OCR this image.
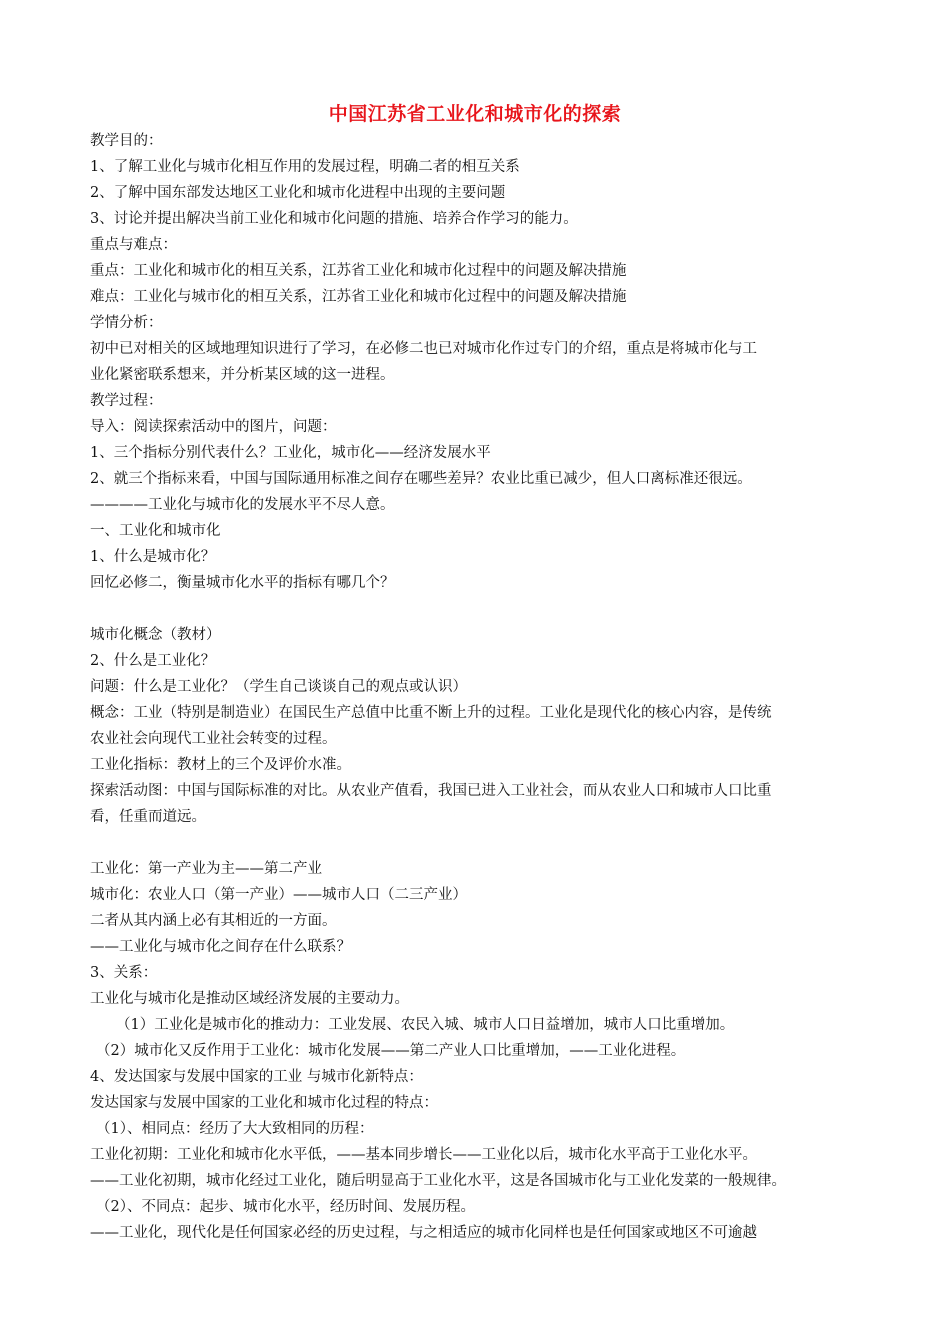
中国江苏省工业化和城市化的探索
教学目的：
1、了解工业化与城市化相互作用的发展过程，明确二者的相互关系
2、了解中国东部发达地区工业化和城市化进程中出现的主要问题
3、讨论并提出解决当前工业化和城市化问题的措施、培养合作学习的能力。
重点与难点：
重点：工业化和城市化的相互关系，江苏省工业化和城市化过程中的问题及解决措施
难点：工业化与城市化的相互关系，江苏省工业化和城市化过程中的问题及解决措施
学情分析：
初中已对相关的区域地理知识进行了学习，在必修二也已对城市化作过专门的介绍，重点是将城市化与工
业化紧密联系想来，并分析某区域的这一进程。
教学过程：
导入：阅读探索活动中的图片，问题：
1、三个指标分别代表什么？工业化，城市化——经济发展水平
2、就三个指标来看，中国与国际通用标准之间存在哪些差异？农业比重已减少，但人口离标准还很远。
————工业化与城市化的发展水平不尽人意。
一、工业化和城市化
1、什么是城市化？
回忆必修二，衡量城市化水平的指标有哪几个？
城市化概念（教材）
2、什么是工业化？
问题：什么是工业化？（学生自己谈谈自己的观点或认识）
概念：工业（特别是制造业）在国民生产总值中比重不断上升的过程。工业化是现代化的核心内容，是传统
农业社会向现代工业社会转变的过程。
工业化指标：教材上的三个及评价水准。
探索活动图：中国与国际标准的对比。从农业产值看，我国已进入工业社会，而从农业人口和城市人口比重
看，任重而道远。
工业化：第一产业为主——第二产业
城市化：农业人口（第一产业）——城市人口（二三产业）
二者从其内涵上必有其相近的一方面。
——工业化与城市化之间存在什么联系？
3、关系：
工业化与城市化是推动区域经济发展的主要动力。
（1）工业化是城市化的推动力：工业发展、农民入城、城市人口日益增加，城市人口比重增加。
（2）城市化又反作用于工业化：城市化发展——第二产业人口比重增加，——工业化进程。
4、发达国家与发展中国家的工业 与城市化新特点：
发达国家与发展中国家的工业化和城市化过程的特点：
（1）、相同点：经历了大大致相同的历程：
工业化初期：工业化和城市化水平低，——基本同步增长——工业化以后，城市化水平高于工业化水平。
——工业化初期，城市化经过工业化，随后明显高于工业化水平，这是各国城市化与工业化发菜的一般规律。
（2）、不同点：起步、城市化水平，经历时间、发展历程。
——工业化，现代化是任何国家必经的历史过程，与之相适应的城市化同样也是任何国家或地区不可逾越
